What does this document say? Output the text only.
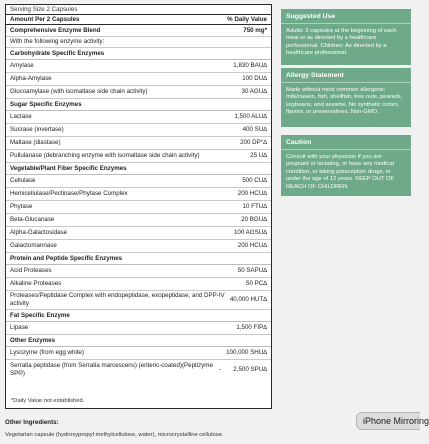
Serving Size 2 Capsules
Amount Per 2 Capsules	% Daily Value
Comprehensive Enzyme Blend	750 mg*
With the following enzyme activity:
Carbohydrate Specific Enzymes
Amylase	1,830 BAU∆
Alpha-Amylase	100 DU∆
Glucoamylase (with isomaltase side chain activity)	30 AGU∆
Sugar Specific Enzymes
Lactase	1,500 ALU∆
Sucrase (invertase)	400 SU∆
Maltase (diastase)	200 DP°∆
Pullulanase (debranching enzyme with isomaltase side chain activity)	25 U∆
Vegetable/Plant Fiber Specific Enzymes
Cellulase	500 CU∆
Hemicellulase/Pectinase/Phytase Complex	200 HCU∆
Phytase	10 FTU∆
Beta-Glucanase	20 BGU∆
Alpha-Galactosidase	100 AGSU∆
Galactomannase	200 HCU∆
Protein and Peptide Specific Enzymes
Acid Proteases	50 SAPU∆
Alkaline Proteases	50 PC∆
Proteases/Peptidase Complex with endopeptidase, exopeptidase, and DPP-IV activity
40,000 HUT∆
Fat Specific Enzyme
Lipase	1,500 FIP∆
Other Enzymes
Lysozyme (from egg white)	100,000 SHU∆
Serratia peptidase (from Serratia marcescens) (enteric-coated)(Peptizyme SP®)
-       2,500 SPU∆
*Daily Value not established.
Suggested Use
Adults: 2 capsules at the beginning of each meal or as directed by a healthcare professional. Children: As directed by a healthcare professional.
Allergy Statement
Made without most common allergens; milk/casein, fish, shellfish, tree nuts, peanuts, soybeans, and sesame. No synthetic colors, flavors, or preservatives. Non-GMO.
Caution
Consult with your physician if you are pregnant or lactating, or have any medical condition, or taking prescription drugs, or under the age of 12 years. KEEP OUT OF REACH OF CHILDREN.
Other Ingredients:
Vegetarian capsule (hydroxypropyl methylcellulose, water), microcrystalline cellulose.
iPhone Mirroring
